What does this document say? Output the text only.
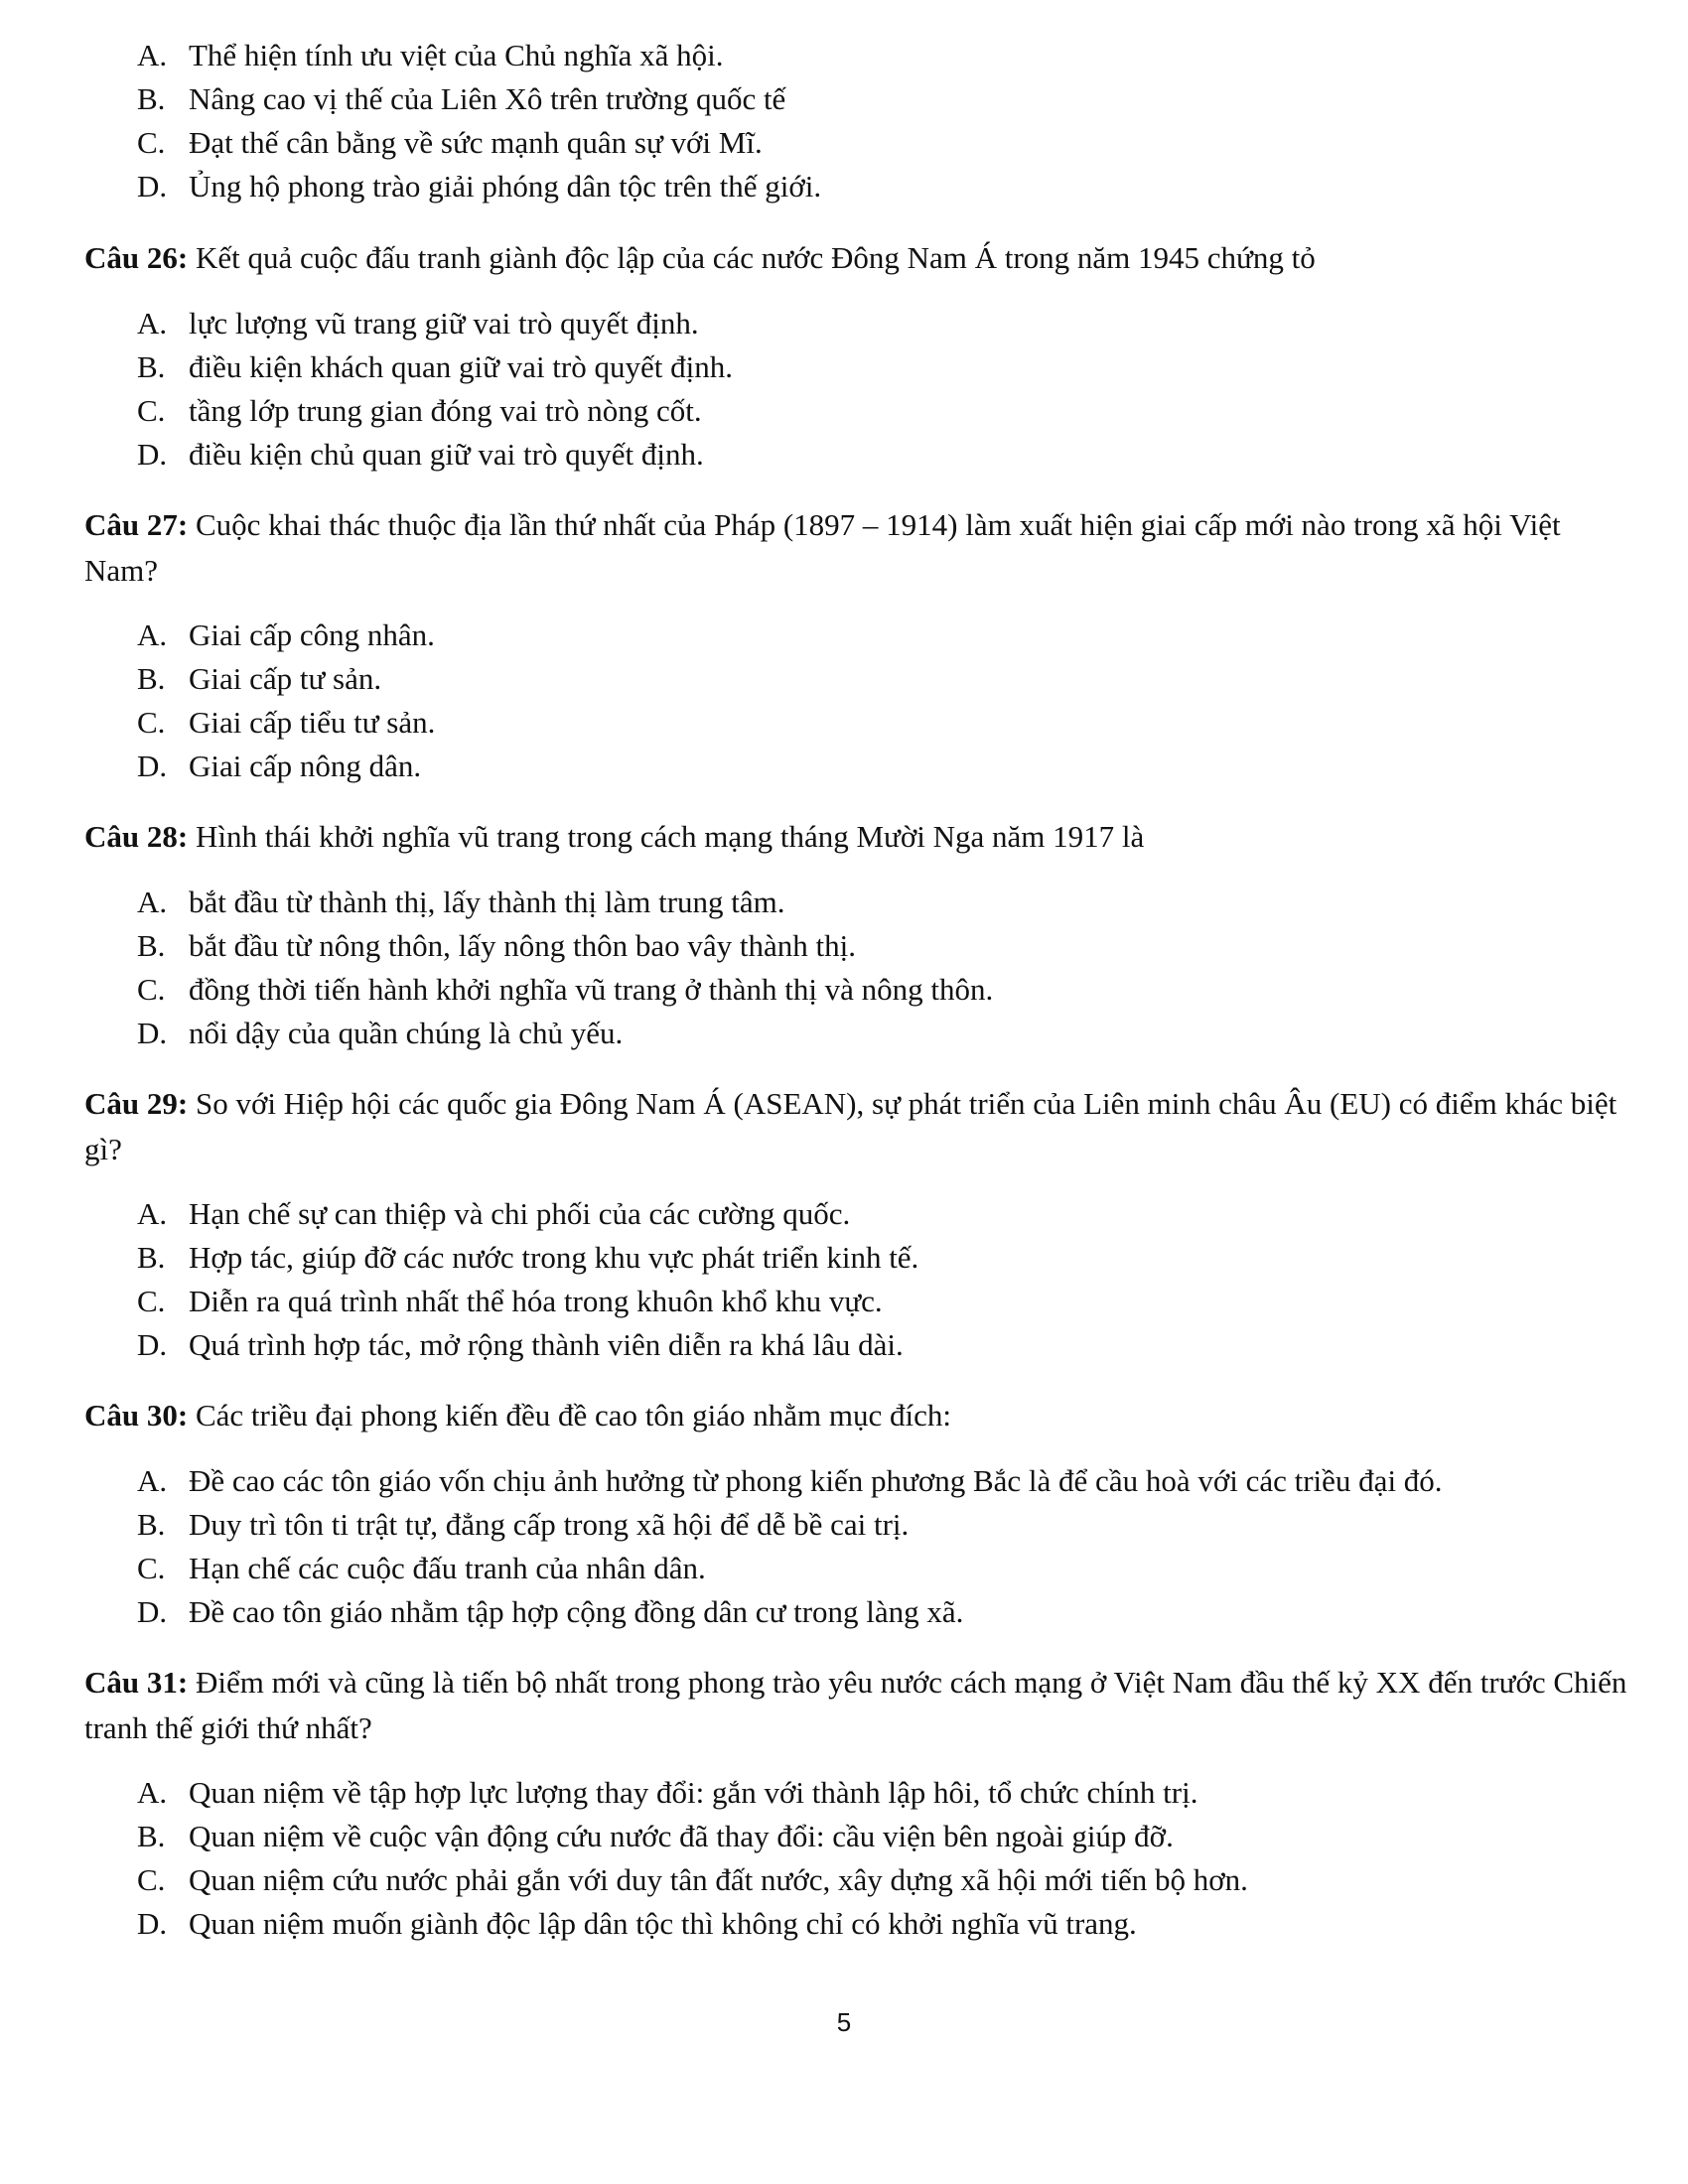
A. Thể hiện tính ưu việt của Chủ nghĩa xã hội.
B. Nâng cao vị thế của Liên Xô trên trường quốc tế
C. Đạt thế cân bằng về sức mạnh quân sự với Mĩ.
D. Ủng hộ phong trào giải phóng dân tộc trên thế giới.
Câu 26: Kết quả cuộc đấu tranh giành độc lập của các nước Đông Nam Á trong năm 1945 chứng tỏ
A. lực lượng vũ trang giữ vai trò quyết định.
B. điều kiện khách quan giữ vai trò quyết định.
C. tầng lớp trung gian đóng vai trò nòng cốt.
D. điều kiện chủ quan giữ vai trò quyết định.
Câu 27: Cuộc khai thác thuộc địa lần thứ nhất của Pháp (1897 – 1914) làm xuất hiện giai cấp mới nào trong xã hội Việt Nam?
A. Giai cấp công nhân.
B. Giai cấp tư sản.
C. Giai cấp tiểu tư sản.
D. Giai cấp nông dân.
Câu 28: Hình thái khởi nghĩa vũ trang trong cách mạng tháng Mười Nga năm 1917 là
A. bắt đầu từ thành thị, lấy thành thị làm trung tâm.
B. bắt đầu từ nông thôn, lấy nông thôn bao vây thành thị.
C. đồng thời tiến hành khởi nghĩa vũ trang ở thành thị và nông thôn.
D. nổi dậy của quần chúng là chủ yếu.
Câu 29: So với Hiệp hội các quốc gia Đông Nam Á (ASEAN), sự phát triển của Liên minh châu Âu (EU) có điểm khác biệt gì?
A. Hạn chế sự can thiệp và chi phối của các cường quốc.
B. Hợp tác, giúp đỡ các nước trong khu vực phát triển kinh tế.
C. Diễn ra quá trình nhất thể hóa trong khuôn khổ khu vực.
D. Quá trình hợp tác, mở rộng thành viên diễn ra khá lâu dài.
Câu 30: Các triều đại phong kiến đều đề cao tôn giáo nhằm mục đích:
A. Đề cao các tôn giáo vốn chịu ảnh hưởng từ phong kiến phương Bắc là để cầu hoà với các triều đại đó.
B. Duy trì tôn ti trật tự, đẳng cấp trong xã hội để dễ bề cai trị.
C. Hạn chế các cuộc đấu tranh của nhân dân.
D. Đề cao tôn giáo nhằm tập hợp cộng đồng dân cư trong làng xã.
Câu 31: Điểm mới và cũng là tiến bộ nhất trong phong trào yêu nước cách mạng ở Việt Nam đầu thế kỷ XX đến trước Chiến tranh thế giới thứ nhất?
A. Quan niệm về tập hợp lực lượng thay đổi: gắn với thành lập hôi, tổ chức chính trị.
B. Quan niệm về cuộc vận động cứu nước đã thay đổi: cầu viện bên ngoài giúp đỡ.
C. Quan niệm cứu nước phải gắn với duy tân đất nước, xây dựng xã hội mới tiến bộ hơn.
D. Quan niệm muốn giành độc lập dân tộc thì không chỉ có khởi nghĩa vũ trang.
5
